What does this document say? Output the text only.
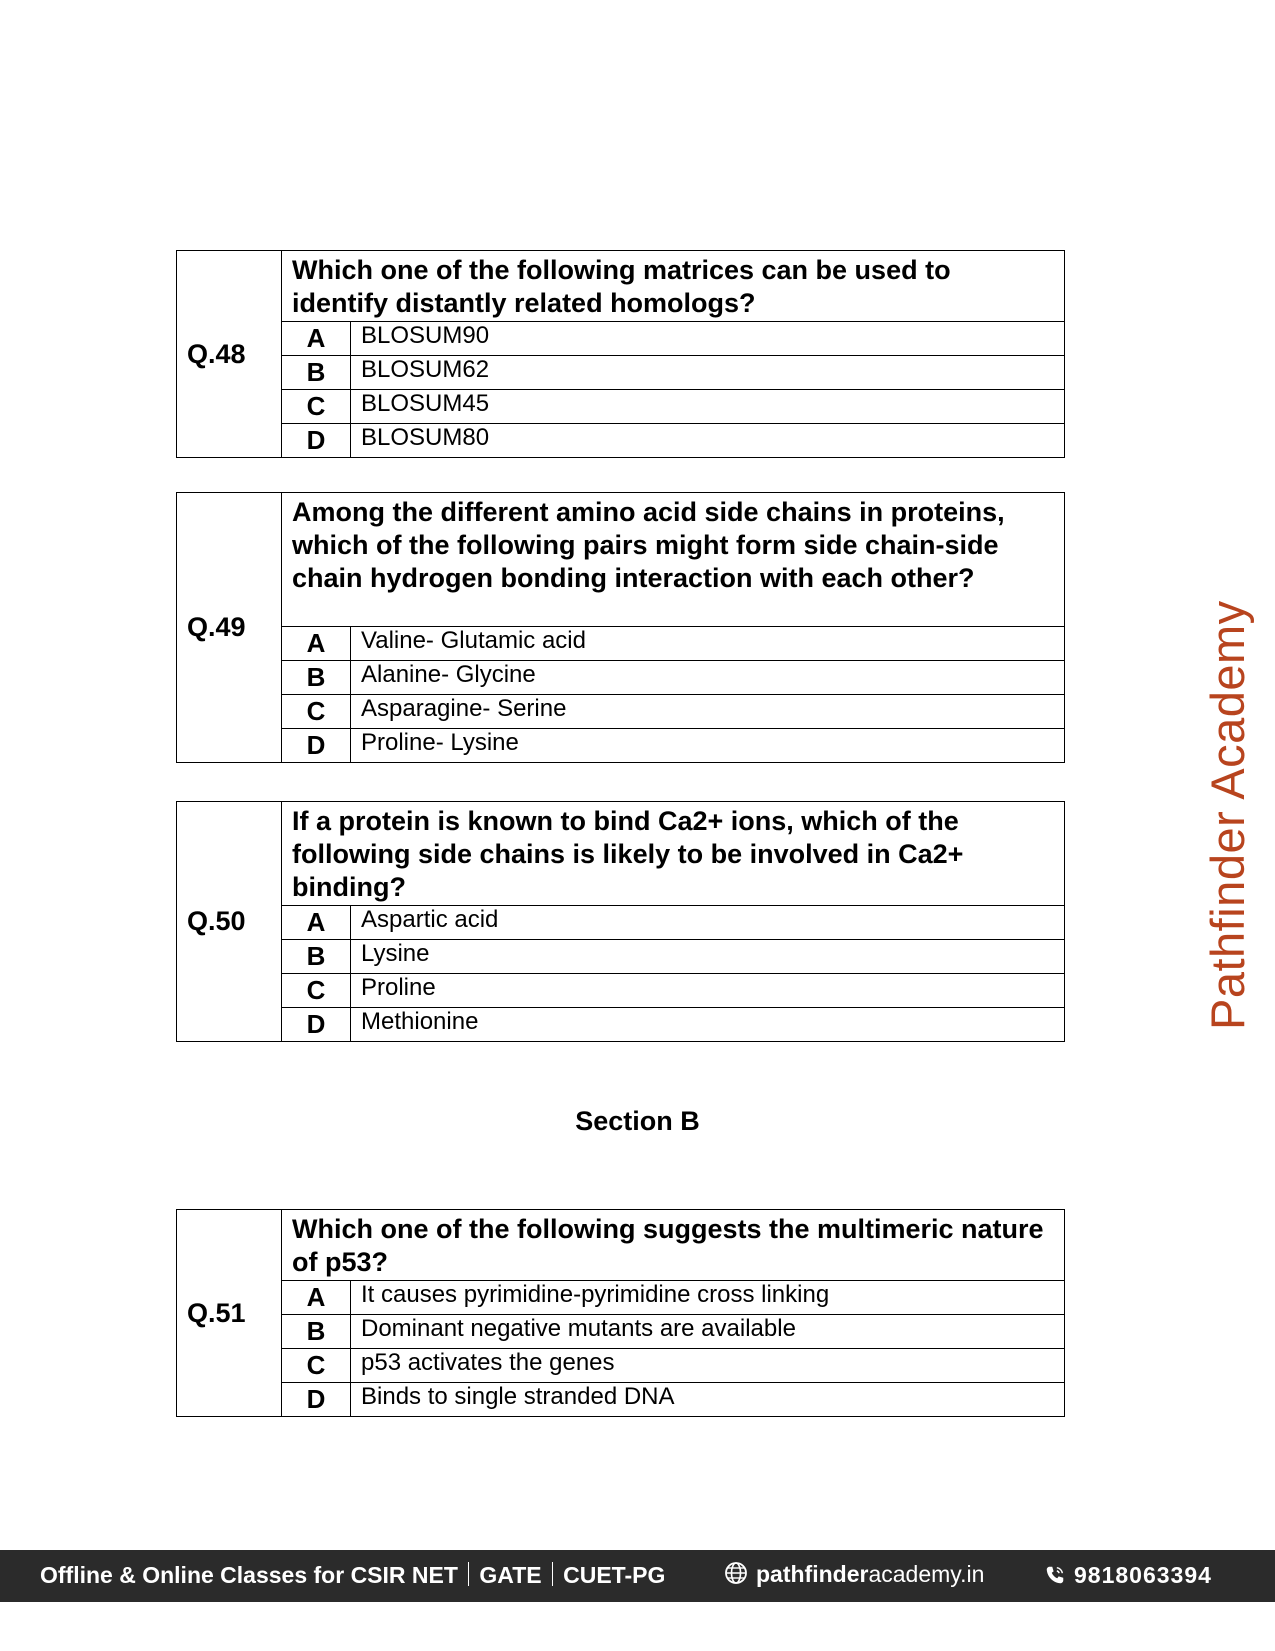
Q.48	Which one of the following matrices can be used to identify distantly related homologs?	
	A	BLOSUM90
	B	BLOSUM62
	C	BLOSUM45
	D	BLOSUM80
Q.49	Among the different amino acid side chains in proteins, which of the following pairs might form side chain-side chain hydrogen bonding interaction with each other?	
	A	Valine- Glutamic acid
	B	Alanine- Glycine
	C	Asparagine- Serine
	D	Proline- Lysine
Q.50	If a protein is known to bind Ca2+ ions, which of the following side chains is likely to be involved in Ca2+ binding?	
	A	Aspartic acid
	B	Lysine
	C	Proline
	D	Methionine
Section B
Q.51	Which one of the following suggests the multimeric nature of p53?	
	A	It causes pyrimidine-pyrimidine cross linking
	B	Dominant negative mutants are available
	C	p53 activates the genes
	D	Binds to single stranded DNA
Pathfinder Academy
Offline & Online Classes for CSIR NET GATE CUET-PG	pathfinderacademy.in	9818063394
